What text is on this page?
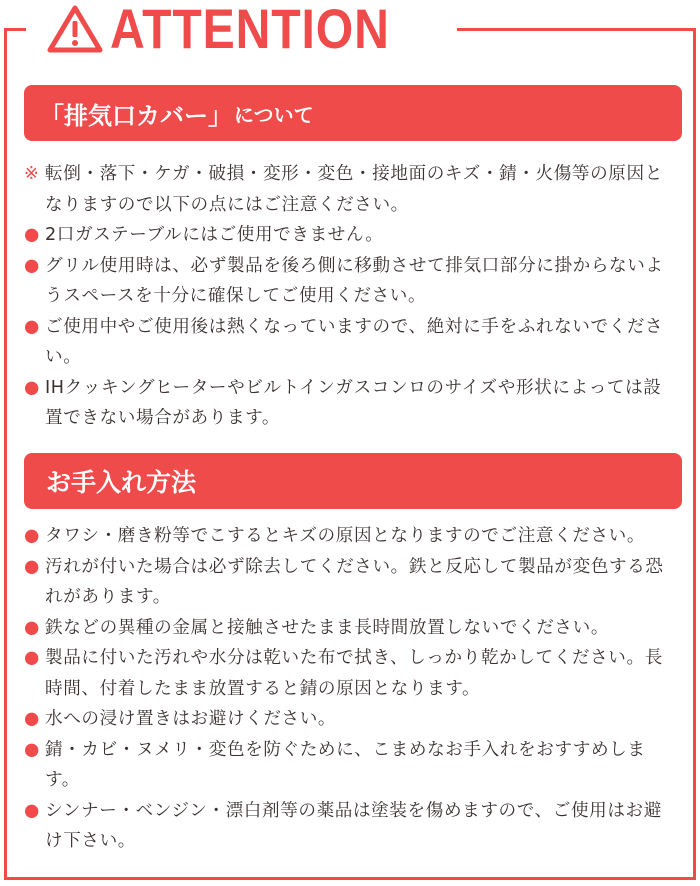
ATTENTION
「排気口カバー」 について
※ 転倒・落下・ケガ・破損・変形・変色・接地面のキズ・錆・火傷等の原因となりますので以下の点にはご注意ください。
● 2口ガステーブルにはご使用できません。
● グリル使用時は、必ず製品を後ろ側に移動させて排気口部分に掛からないようスペースを十分に確保してご使用ください。
● ご使用中やご使用後は熱くなっていますので、絶対に手をふれないでください。
● IHクッキングヒーターやビルトインガスコンロのサイズや形状によっては設置できない場合があります。
お手入れ方法
● タワシ・磨き粉等でこするとキズの原因となりますのでご注意ください。
● 汚れが付いた場合は必ず除去してください。鉄と反応して製品が変色する恐れがあります。
● 鉄などの異種の金属と接触させたまま長時間放置しないでください。
● 製品に付いた汚れや水分は乾いた布で拭き、しっかり乾かしてください。長時間、付着したまま放置すると錆の原因となります。
● 水への浸け置きはお避けください。
● 錆・カビ・ヌメリ・変色を防ぐために、こまめなお手入れをおすすめします。
● シンナー・ベンジン・漂白剤等の薬品は塗装を傷めますので、ご使用はお避け下さい。
